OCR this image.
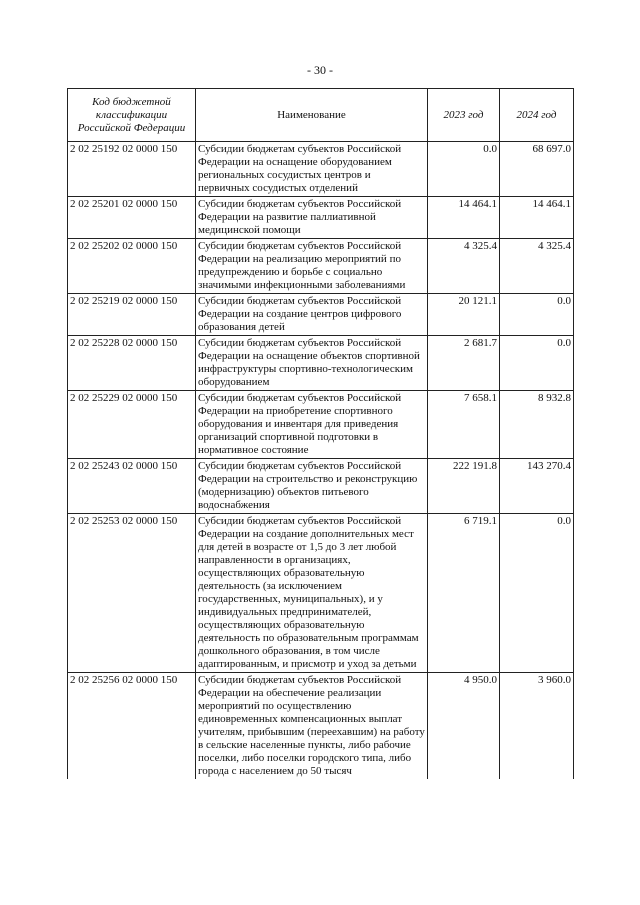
- 30 -
Код бюджетной классификации Российской Федерации	Наименование	2023 год	2024 год
2 02 25192 02 0000 150	Субсидии бюджетам субъектов Российской Федерации на оснащение оборудованием региональных сосудистых центров и первичных сосудистых отделений	0.0	68 697.0
2 02 25201 02 0000 150	Субсидии бюджетам субъектов Российской Федерации на развитие паллиативной медицинской помощи	14 464.1	14 464.1
2 02 25202 02 0000 150	Субсидии бюджетам субъектов Российской Федерации на реализацию мероприятий по предупреждению и борьбе с социально значимыми инфекционными заболеваниями	4 325.4	4 325.4
2 02 25219 02 0000 150	Субсидии бюджетам субъектов Российской Федерации на создание центров цифрового образования детей	20 121.1	0.0
2 02 25228 02 0000 150	Субсидии бюджетам субъектов Российской Федерации на оснащение объектов спортивной инфраструктуры спортивно-технологическим оборудованием	2 681.7	0.0
2 02 25229 02 0000 150	Субсидии бюджетам субъектов Российской Федерации на приобретение спортивного оборудования и инвентаря для приведения организаций спортивной подготовки в нормативное состояние	7 658.1	8 932.8
2 02 25243 02 0000 150	Субсидии бюджетам субъектов Российской Федерации на строительство и реконструкцию (модернизацию) объектов питьевого водоснабжения	222 191.8	143 270.4
2 02 25253 02 0000 150	Субсидии бюджетам субъектов Российской Федерации на создание дополнительных мест для детей в возрасте от 1,5 до 3 лет любой направленности в организациях, осуществляющих образовательную деятельность (за исключением государственных, муниципальных), и у индивидуальных предпринимателей, осуществляющих образовательную деятельность по образовательным программам дошкольного образования, в том числе адаптированным, и присмотр и уход за детьми	6 719.1	0.0
2 02 25256 02 0000 150	Субсидии бюджетам субъектов Российской Федерации на обеспечение реализации мероприятий по осуществлению единовременных компенсационных выплат учителям, прибывшим (переехавшим) на работу в сельские населенные пункты, либо рабочие поселки, либо поселки городского типа, либо города с населением до 50 тысяч	4 950.0	3 960.0
